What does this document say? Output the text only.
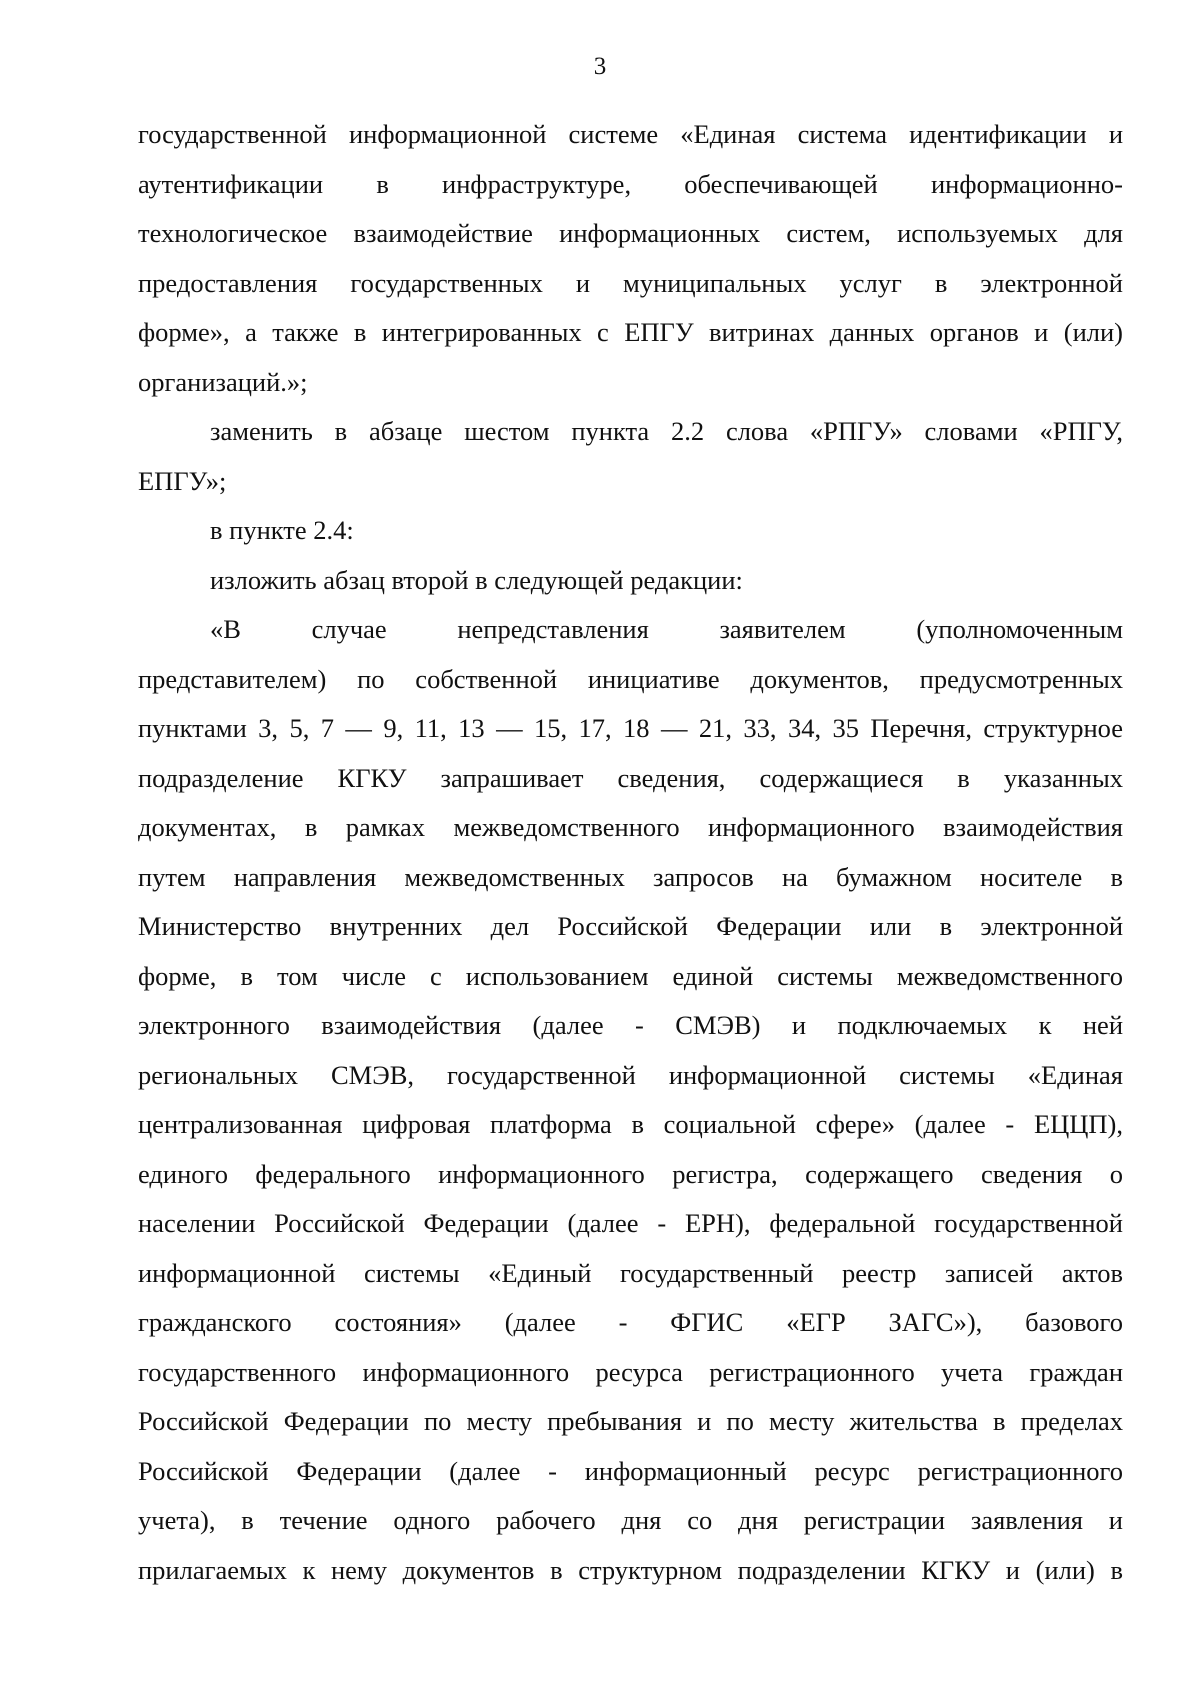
3
государственной информационной системе «Единая система идентификации и
аутентификации в инфраструктуре, обеспечивающей информационно-
технологическое взаимодействие информационных систем, используемых для
предоставления государственных и муниципальных услуг в электронной
форме», а также в интегрированных с ЕПГУ витринах данных органов и (или)
организаций.»;
заменить в абзаце шестом пункта 2.2 слова «РПГУ» словами «РПГУ,
ЕПГУ»;
в пункте 2.4:
изложить абзац второй в следующей редакции:
«В случае непредставления заявителем (уполномоченным
представителем) по собственной инициативе документов, предусмотренных
пунктами 3, 5, 7 — 9, 11, 13 — 15, 17, 18 — 21, 33, 34, 35 Перечня, структурное
подразделение КГКУ запрашивает сведения, содержащиеся в указанных
документах, в рамках межведомственного информационного взаимодействия
путем направления межведомственных запросов на бумажном носителе в
Министерство внутренних дел Российской Федерации или в электронной
форме, в том числе с использованием единой системы межведомственного
электронного взаимодействия (далее - СМЭВ) и подключаемых к ней
региональных СМЭВ, государственной информационной системы «Единая
централизованная цифровая платформа в социальной сфере» (далее - ЕЦЦП),
единого федерального информационного регистра, содержащего сведения о
населении Российской Федерации (далее - ЕРН), федеральной государственной
информационной системы «Единый государственный реестр записей актов
гражданского состояния» (далее - ФГИС «ЕГР ЗАГС»), базового
государственного информационного ресурса регистрационного учета граждан
Российской Федерации по месту пребывания и по месту жительства в пределах
Российской Федерации (далее - информационный ресурс регистрационного
учета), в течение одного рабочего дня со дня регистрации заявления и
прилагаемых к нему документов в структурном подразделении КГКУ и (или) в
